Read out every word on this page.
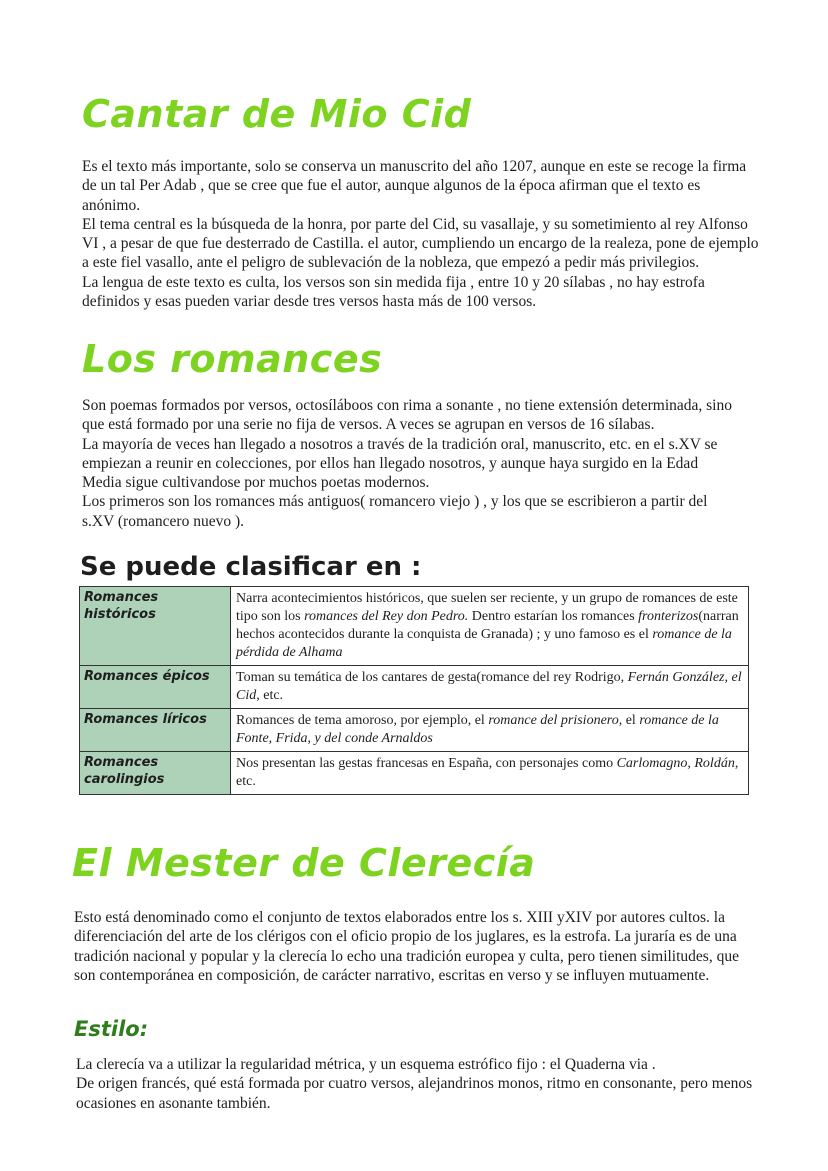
Cantar de Mio Cid

Es el texto más importante, solo se conserva un manuscrito del año 1207, aunque en este se recoge la firma de un tal Per Adab , que se cree que fue el autor, aunque algunos de la época afirman que el texto es anónimo.

El tema central es la búsqueda de la honra, por parte del Cid, su vasallaje, y su sometimiento al rey Alfonso VI , a pesar de que fue desterrado de Castilla. el autor, cumpliendo un encargo de la realeza, pone de ejemplo a este fiel vasallo, ante el peligro de sublevación de la nobleza, que empezó a pedir más privilegios.

La lengua de este texto es culta, los versos son sin medida fija , entre 10 y 20 sílabas , no hay estrofa definidos y esas pueden variar desde tres versos hasta más de 100 versos.

Los romances

Son poemas formados por versos, octosíláboos con rima a sonante , no tiene extensión determinada, sino que está formado por una serie no fija de versos. A veces se agrupan en versos de 16 sílabas.

La mayoría de veces han llegado a nosotros a través de la tradición oral, manuscrito, etc. en el s.XV se empiezan a reunir en colecciones, por ellos han llegado nosotros, y aunque haya surgido en la Edad Media sigue cultivandose por muchos poetas modernos.

Los primeros son los romances más antiguos( romancero viejo ) , y los que se escribieron a partir del s.XV (romancero nuevo ).

Se puede clasificar en :
Romances históricos	Narra acontecimientos históricos, que suelen ser reciente, y un grupo de romances de este tipo son los romances del Rey don Pedro. Dentro estarían los romances fronterizos(narran hechos acontecidos durante la conquista de Granada) ; y uno famoso es el romance de la pérdida de Alhama
Romances épicos	Toman su temática de los cantares de gesta(romance del rey Rodrigo, Fernán González, el Cid, etc.
Romances líricos	Romances de tema amoroso, por ejemplo, el romance del prisionero, el romance de la Fonte, Frida, y del conde Arnaldos
Romances carolingios	Nos presentan las gestas francesas en España, con personajes como Carlomagno, Roldán, etc.
El Mester de Clerecía

Esto está denominado como el conjunto de textos elaborados entre los s. XIII yXIV por autores cultos. la diferenciación del arte de los clérigos con el oficio propio de los juglares, es la estrofa. La juraría es de una tradición nacional y popular y la clerecía lo echo una tradición europea y culta, pero tienen similitudes, que son contemporánea en composición, de carácter narrativo, escritas en verso y se influyen mutuamente.

Estilo:

La clerecía va a utilizar la regularidad métrica, y un esquema estrófico fijo : el Quaderna via .

De origen francés, qué está formada por cuatro versos, alejandrinos monos, ritmo en consonante, pero menos ocasiones en asonante también.
